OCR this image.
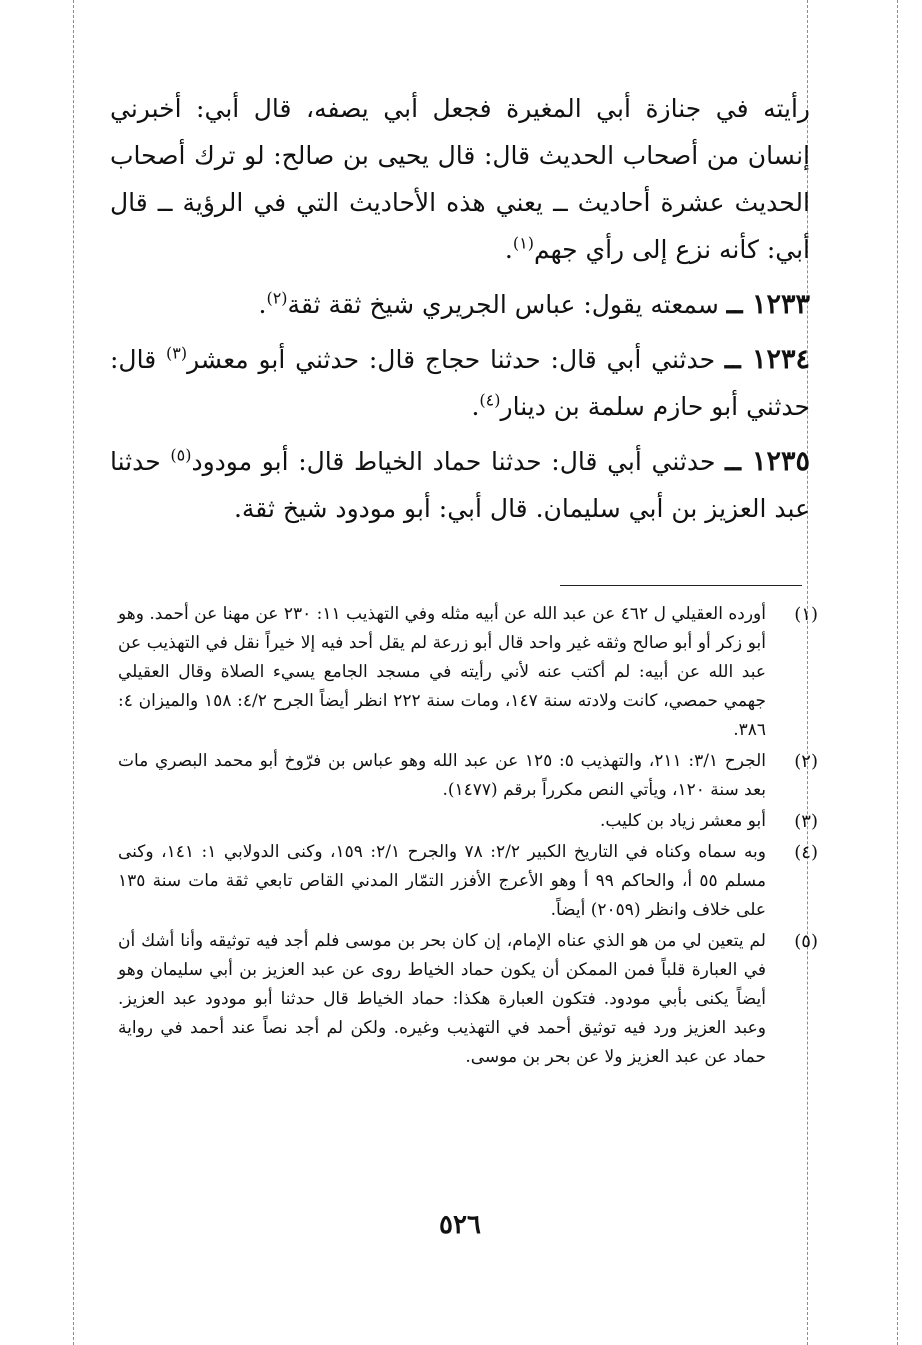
رأيته في جنازة أبي المغيرة فجعل أبي يصفه، قال أبي: أخبرني إنسان من أصحاب الحديث قال: قال يحيى بن صالح: لو ترك أصحاب الحديث عشرة أحاديث ــ يعني هذه الأحاديث التي في الرؤية ــ قال أبي: كأنه نزع إلى رأي جهم$^{(١)}$.

١٢٣٣ ــ سمعته يقول: عباس الجريري شيخ ثقة ثقة$^{(٢)}$.

١٢٣٤ ــ حدثني أبي قال: حدثنا حجاج قال: حدثني أبو معشر$^{(٣)}$ قال: حدثني أبو حازم سلمة بن دينار$^{(٤)}$.

١٢٣٥ ــ حدثني أبي قال: حدثنا حماد الخياط قال: أبو مودود$^{(٥)}$ حدثنا عبد العزيز بن أبي سليمان. قال أبي: أبو مودود شيخ ثقة.

(١)
أورده العقيلي ل ٤٦٢ عن عبد الله عن أبيه مثله وفي التهذيب ١١: ٢٣٠ عن مهنا عن أحمد. وهو أبو زكر أو أبو صالح وثقه غير واحد قال أبو زرعة لم يقل أحد فيه إلا خيراً نقل في التهذيب عن عبد الله عن أبيه: لم أكتب عنه لأني رأيته في مسجد الجامع يسيء الصلاة وقال العقيلي جهمي حمصي، كانت ولادته سنة ١٤٧، ومات سنة ٢٢٢ انظر أيضاً الجرح ٤/٢: ١٥٨ والميزان ٤: ٣٨٦.
(٢)
الجرح ٣/١: ٢١١، والتهذيب ٥: ١٢٥ عن عبد الله وهو عباس بن فرّوخ أبو محمد البصري مات بعد سنة ١٢٠، ويأتي النص مكرراً برقم (١٤٧٧).
(٣)
أبو معشر زياد بن كليب.
(٤)
وبه سماه وكناه في التاريخ الكبير ٢/٢: ٧٨ والجرح ٢/١: ١٥٩، وكنى الدولابي ١: ١٤١، وكنى مسلم ٥٥ أ، والحاكم ٩٩ أ وهو الأعرج الأفزر التمّار المدني القاص تابعي ثقة مات سنة ١٣٥ على خلاف وانظر (٢٠٥٩) أيضاً.
(٥)
لم يتعين لي من هو الذي عناه الإمام، إن كان بحر بن موسى فلم أجد فيه توثيقه وأنا أشك أن في العبارة قلباً فمن الممكن أن يكون حماد الخياط روى عن عبد العزيز بن أبي سليمان وهو أيضاً يكنى بأبي مودود. فتكون العبارة هكذا: حماد الخياط قال حدثنا أبو مودود عبد العزيز. وعبد العزيز ورد فيه توثيق أحمد في التهذيب وغيره. ولكن لم أجد نصاً عند أحمد في رواية حماد عن عبد العزيز ولا عن بحر بن موسى.
٥٢٦
